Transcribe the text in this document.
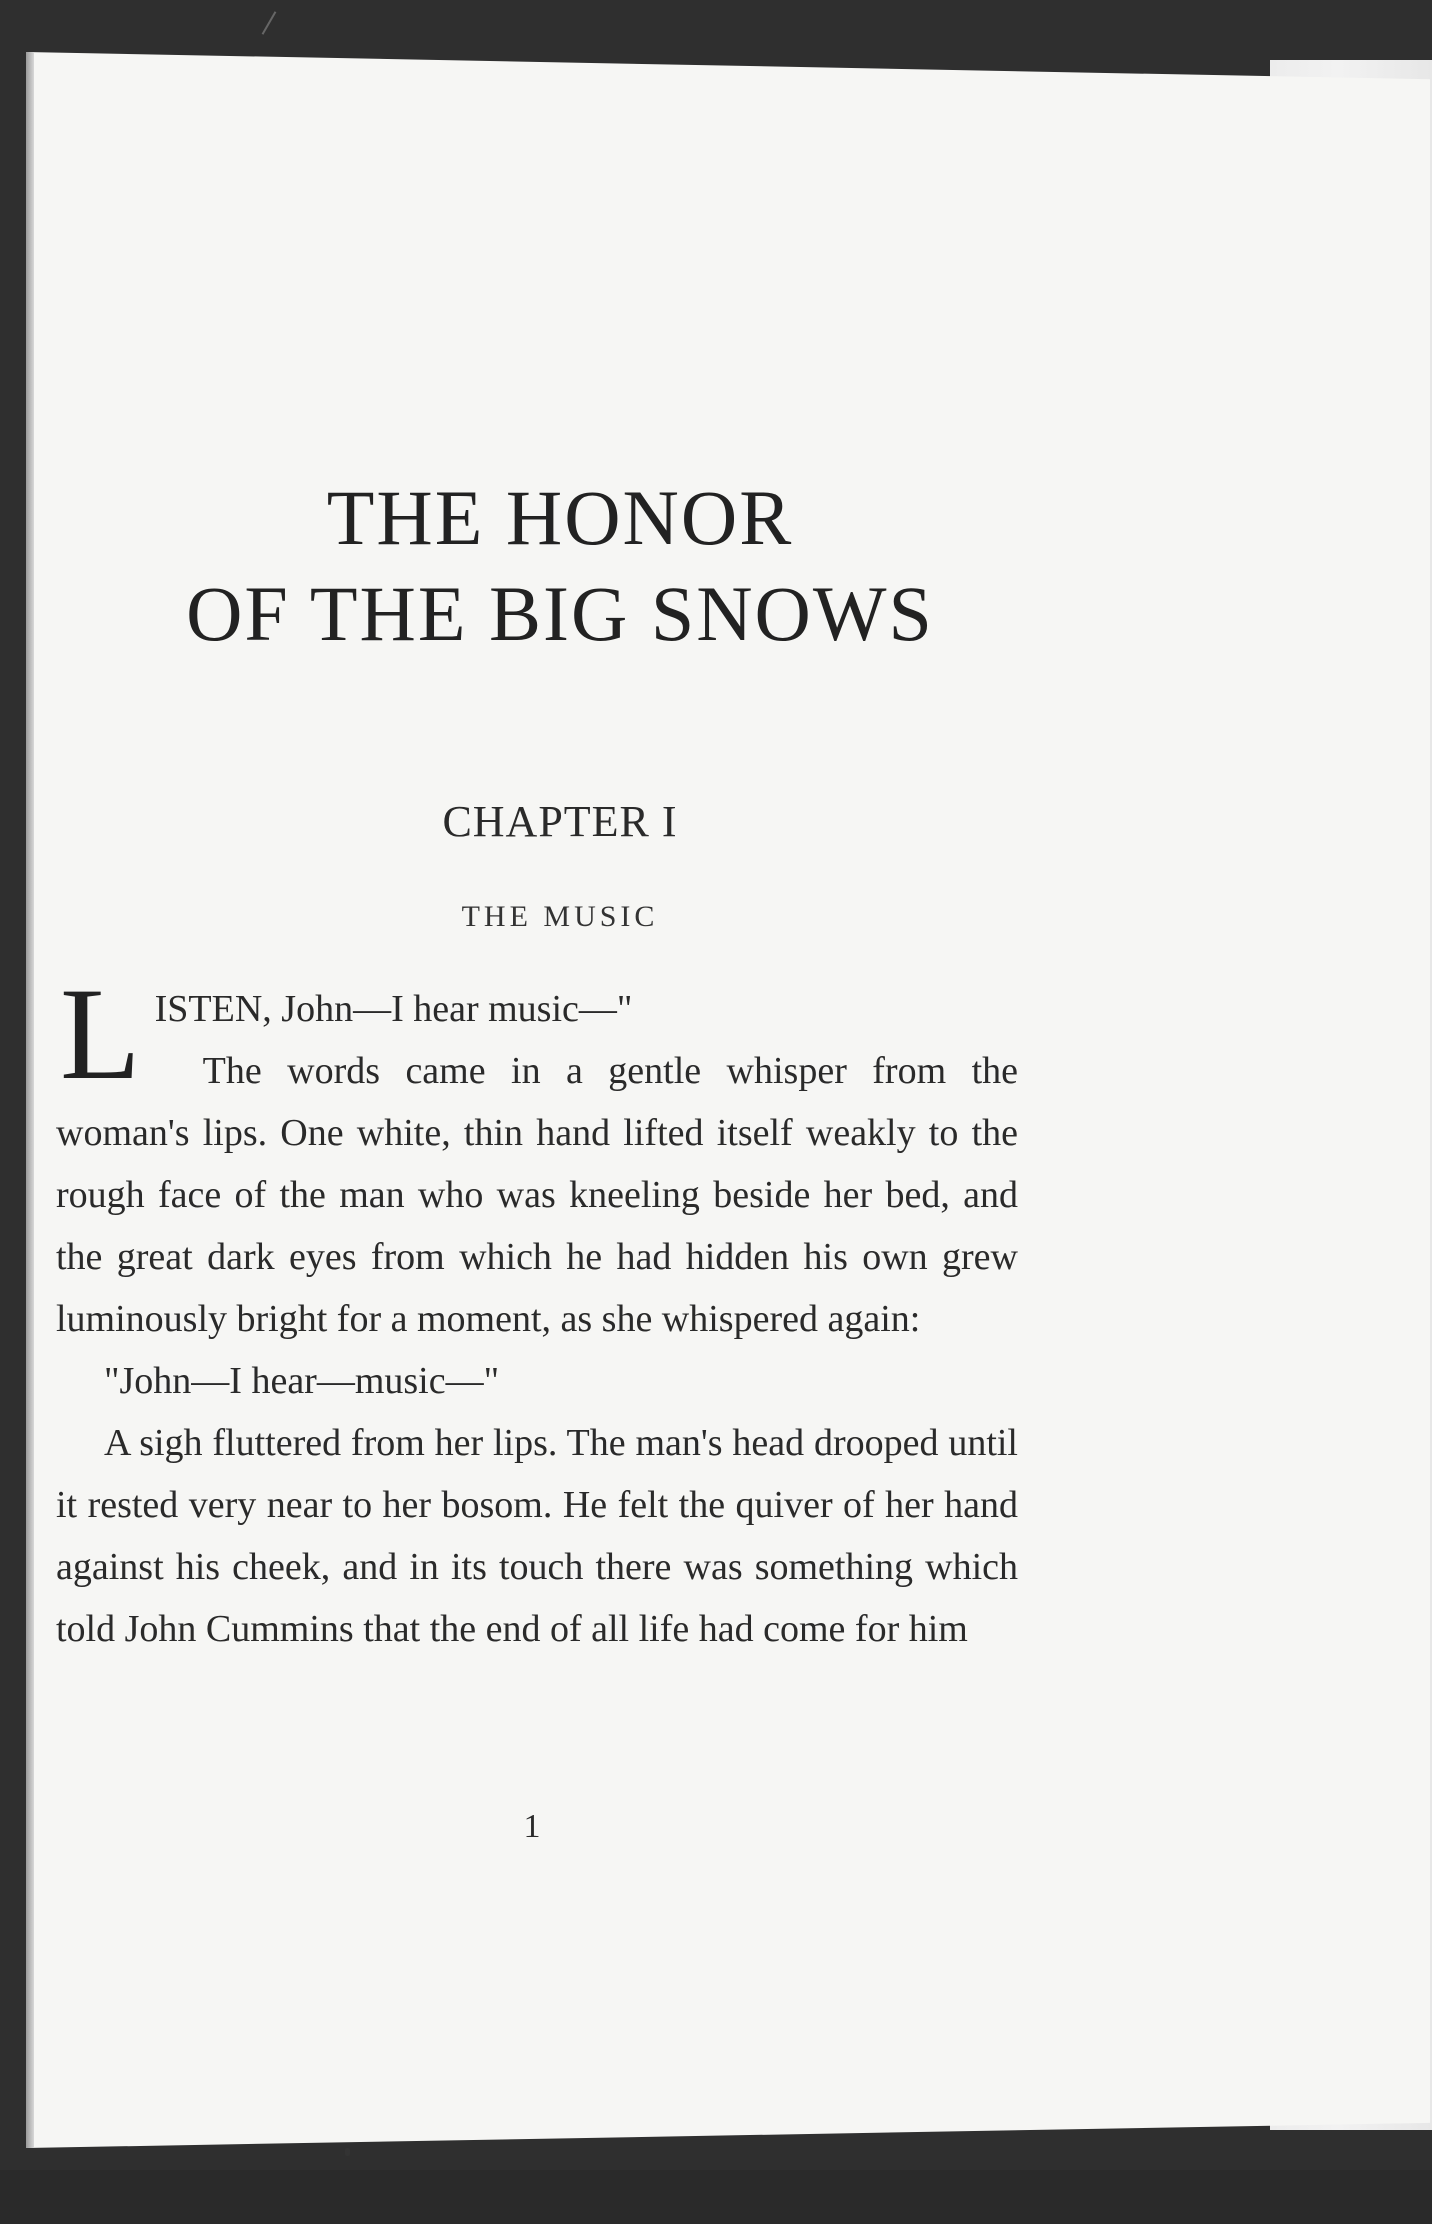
THE HONOR
OF THE BIG SNOWS
CHAPTER I
THE MUSIC

LISTEN, John—I hear music—"

The words came in a gentle whisper from the woman's lips. One white, thin hand lifted itself weakly to the rough face of the man who was kneeling beside her bed, and the great dark eyes from which he had hidden his own grew luminously bright for a moment, as she whispered again:

"John—I hear—music—"

A sigh fluttered from her lips. The man's head drooped until it rested very near to her bosom. He felt the quiver of her hand against his cheek, and in its touch there was something which told John Cummins that the end of all life had come for him

1
